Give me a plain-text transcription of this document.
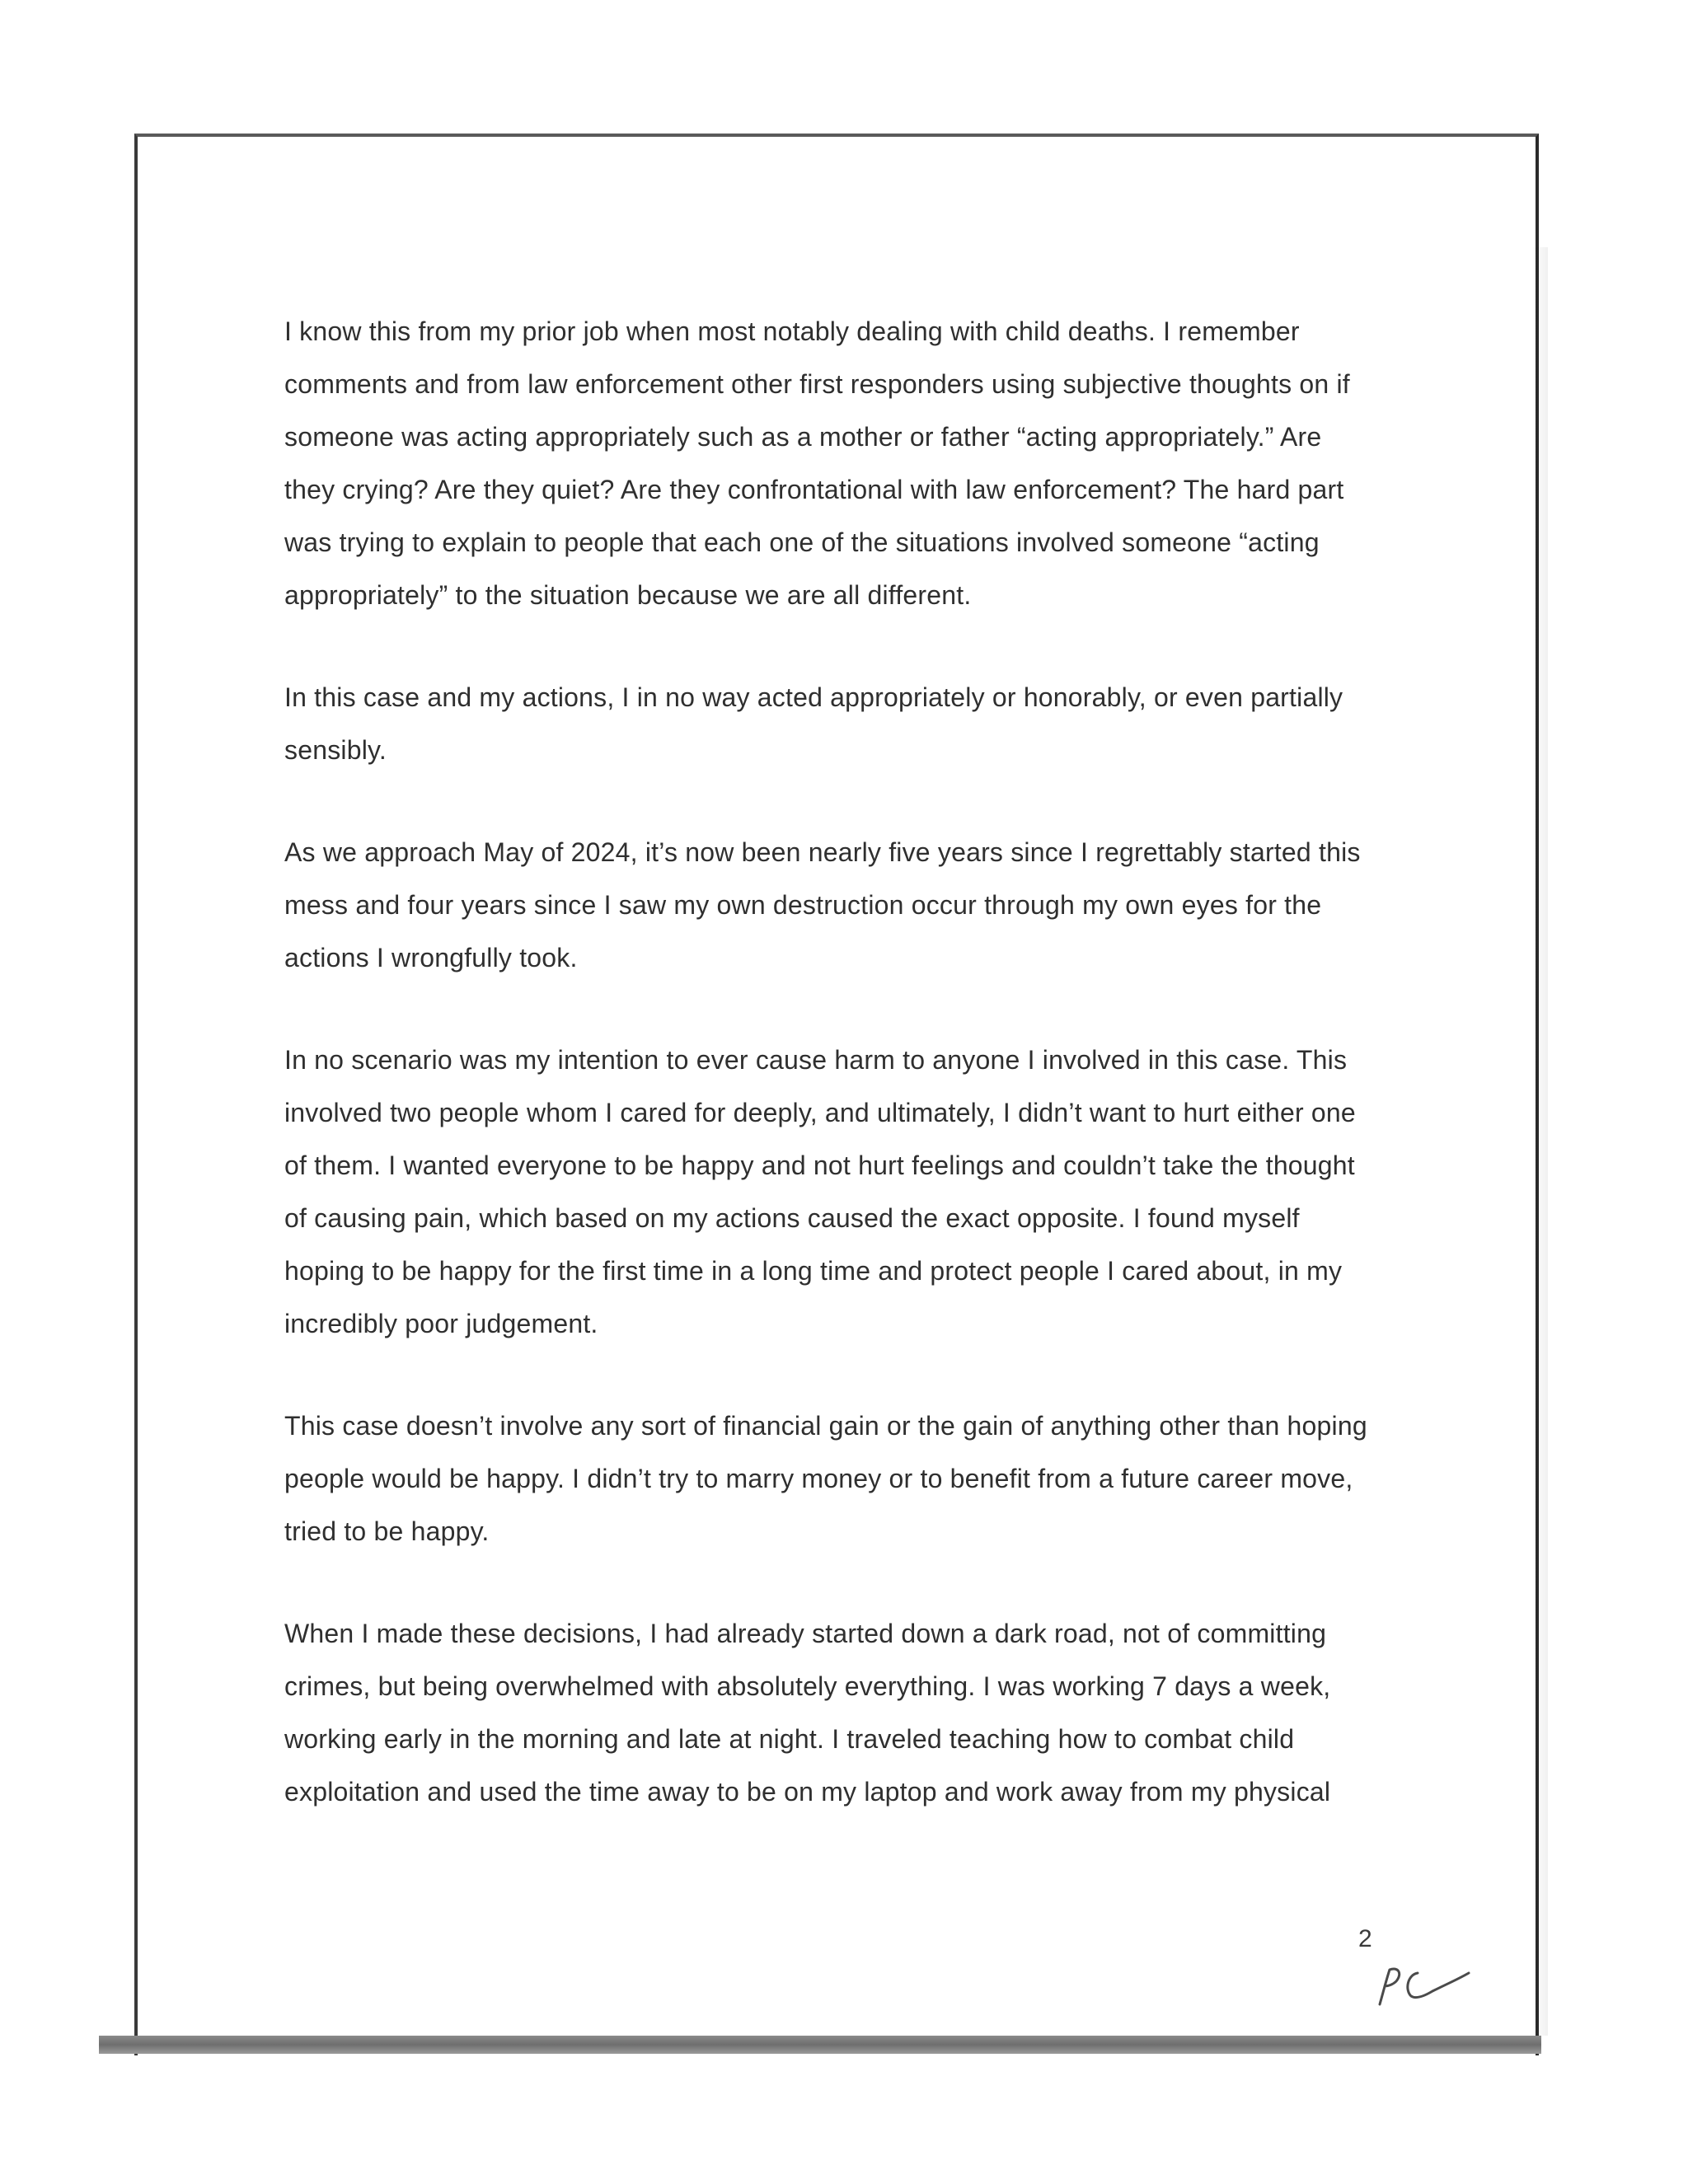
I know this from my prior job when most notably dealing with child deaths. I remember
comments and from law enforcement other first responders using subjective thoughts on if
someone was acting appropriately such as a mother or father “acting appropriately.” Are
they crying? Are they quiet? Are they confrontational with law enforcement? The hard part
was trying to explain to people that each one of the situations involved someone “acting
appropriately” to the situation because we are all different.

In this case and my actions, I in no way acted appropriately or honorably, or even partially
sensibly.

As we approach May of 2024, it’s now been nearly five years since I regrettably started this
mess and four years since I saw my own destruction occur through my own eyes for the
actions I wrongfully took.

In no scenario was my intention to ever cause harm to anyone I involved in this case. This
involved two people whom I cared for deeply, and ultimately, I didn’t want to hurt either one
of them. I wanted everyone to be happy and not hurt feelings and couldn’t take the thought
of causing pain, which based on my actions caused the exact opposite. I found myself
hoping to be happy for the first time in a long time and protect people I cared about, in my
incredibly poor judgement.

This case doesn’t involve any sort of financial gain or the gain of anything other than hoping
people would be happy. I didn’t try to marry money or to benefit from a future career move,
tried to be happy.

When I made these decisions, I had already started down a dark road, not of committing
crimes, but being overwhelmed with absolutely everything. I was working 7 days a week,
working early in the morning and late at night. I traveled teaching how to combat child
exploitation and used the time away to be on my laptop and work away from my physical

2
